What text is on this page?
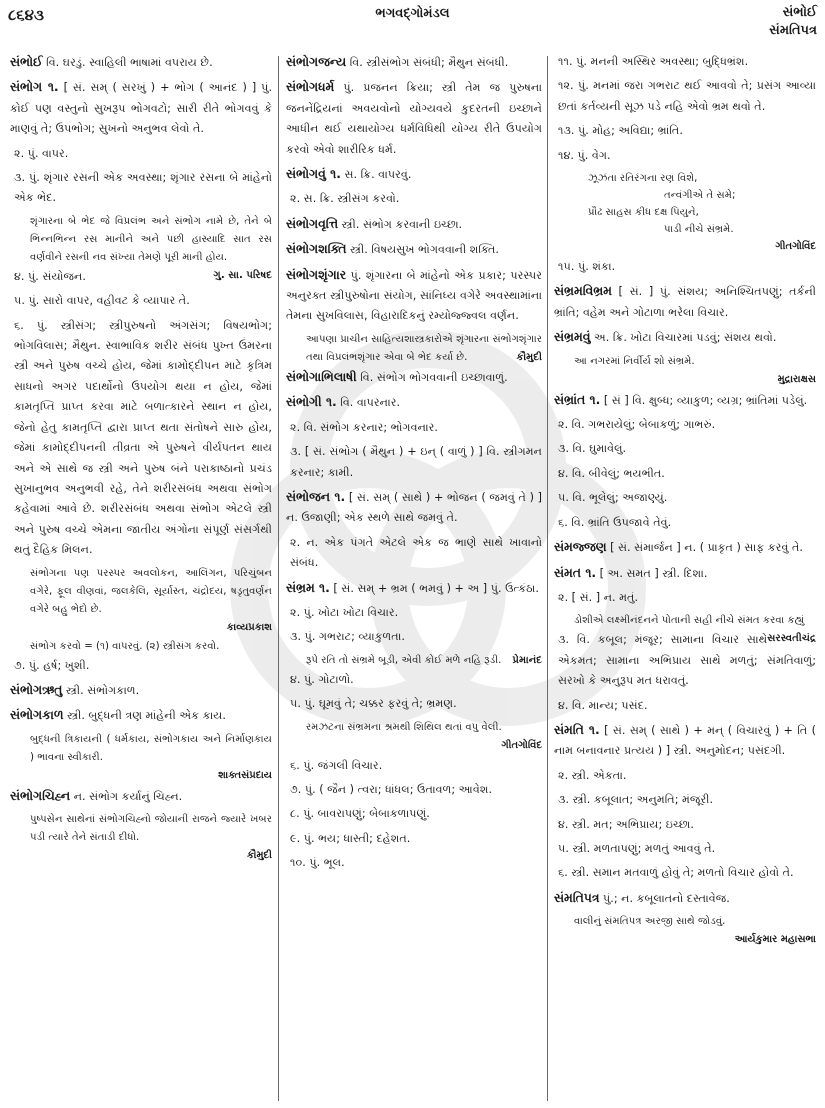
૮૬૪૩	ભગવદ્ગોમંડલ	સંભોઈ
સંમતિપત્ર
સંભોઈ વિ. ઘરડું. સ્વાહિલી ભાષામાં વપરાય છે.
સંભોગ ૧. [ સં. સમ્ ( સરખું ) + ભોગ ( આનંદ ) ] પું. કોઈ પણ વસ્તુનો સુખરૂપ ભોગવટો; સારી રીતે ભોગવવું કે માણવું તે; ઉપભોગ; સુખનો અનુભવ લેવો તે.
૨. પું. વાપર.
૩. પું. શૃંગાર રસની એક અવસ્થા; શૃંગાર રસના બે માંહેનો એક ભેદ.
શૃંગારના બે ભેદ જે વિપ્રલંભ અને સંભોગ નામે છે, તેને બે ભિન્નભિન્ન રસ માનીને અને પછી હાસ્યાદિ સાત રસ વર્ણવીને રસની નવ સંખ્યા તેમણે પૂરી માની હોય.
ગુ. સા. પરિષદ
૪. પું. સંયોજન.
૫. પું. સારો વાપર, વહીવટ કે વ્યાપાર તે.
૬. પું. સ્ત્રીસંગ; સ્ત્રીપુરુષનો અંગસંગ; વિષયભોગ; ભોગવિલાસ; મૈથુન. સ્વાભાવિક શરીર સંબંધ પુખ્ત ઉંમરના સ્ત્રી અને પુરુષ વચ્ચે હોય, જેમાં કામોદ્દીપન માટે કૃત્રિમ સાધનો અગર પદાર્થોનો ઉપયોગ થયા ન હોય, જેમાં કામતૃપ્તિ પ્રાપ્ત કરવા માટે બળાત્કારને સ્થાન ન હોય, જેનો હેતુ કામતૃપ્તિ દ્વારા પ્રાપ્ત થતા સંતોષને સારુ હોય, જેમાં કામોદ્દીપનની તીવ્રતા એ પુરુષને વીર્યપતન થાય અને એ સાથે જ સ્ત્રી અને પુરુષ બંને પરાકાષ્ઠાનો પ્રચંડ સુખાનુભવ અનુભવી રહે, તેને શરીરસંબંધ અથવા સંભોગ કહેવામાં આવે છે. શરીરસંબંધ અથવા સંભોગ એટલે સ્ત્રી અને પુરુષ વચ્ચે એમના જાતીય અંગોના સંપૂર્ણ સંસર્ગથી થતું દૈહિક મિલન.
સંભોગના પણ પરસ્પર અવલોકન, આલિંગન, પરિચુંબન વગેરે, ફૂલ વીણવાં, જલકેલિ, સૂર્યાસ્ત, ચંદ્રોદય, ષડૃતુવર્ણન વગેરે બહુ ભેદો છે.
કાવ્યપ્રકાશ
સંભોગ કરવો = (૧) વાપરવું. (૨) સ્ત્રીસંગ કરવો.
૭. પું. હર્ષ; ખુશી.
સંભોગઋતુ સ્ત્રી. સંભોગકાળ.
સંભોગકાળ સ્ત્રી. બુદ્ધની ત્રણ માંહેની એક કાય.
બુદ્ધની ત્રિકાયની ( ધર્મકાય, સંભોગકાય અને નિર્માણકાય ) ભાવના સ્વીકારી.
શાક્તસંપ્રદાય
સંભોગચિહ્ન ન. સંભોગ કર્યાનું ચિહ્ન.
પુષ્પસેન સાથેનાં સંભોગચિહ્નો જોયાની રાજને જ્યારે ખબર પડી ત્યારે તેને સંતાડી દીધો.
કૌમુદી
સંભોગજન્ય વિ. સ્ત્રીસંભોગ સંબંધી; મૈથુન સંબંધી.
સંભોગધર્મ પું. પ્રજનન ક્રિયા; સ્ત્રી તેમ જ પુરુષના જનનેંદ્રિયનાં અવયવોનો યોગ્યવયે કુદરતની ઇચ્છાને આધીન થઈ યથાયોગ્ય ધર્મવિધિથી યોગ્ય રીતે ઉપયોગ કરવો એવો શારીરિક ધર્મ.
સંભોગવું ૧. સ. ક્રિ. વાપરવું.
૨. સ. ક્રિ. સ્ત્રીસંગ કરવો.
સંભોગવૃત્તિ સ્ત્રી. સંભોગ કરવાની ઇચ્છા.
સંભોગશક્તિ સ્ત્રી. વિષયસુખ ભોગવવાની શક્તિ.
સંભોગશૃંગાર પું. શૃંગારના બે માંહેનો એક પ્રકાર; પરસ્પર અનુરક્ત સ્ત્રીપુરુષોના સંયોગ, સાંનિધ્ય વગેરે અવસ્થામાંના તેમના સુખવિલાસ, વિહારાદિકનું રમ્યોજ્જ્વલ વર્ણન.
આપણા પ્રાચીન સાહિત્યશાસ્ત્રકારોએ શૃંગારના સંભોગશૃંગાર તથા વિપ્રલંભશૃંગાર એવા બે ભેદ કર્યા છે.	કૌમુદી
સંભોગાભિલાષી વિ. સંભોગ ભોગવવાની ઇચ્છાવાળું.
સંભોગી ૧. વિ. વાપરનાર.
૨. વિ. સંભોગ કરનાર; ભોગવનાર.
૩. [ સં. સંભોગ ( મૈથુન ) + ઇન્ ( વાળું ) ] વિ. સ્ત્રીગમન કરનાર; કામી.
સંભોજન ૧. [ સં. સમ્ ( સાથે ) + ભોજન ( જમવું તે ) ] ન. ઉજાણી; એક સ્થળે સાથે જમવું તે.
૨. ન. એક પંગતે એટલે એક જ ભાણે સાથે ખાવાનો સંબંધ.
સંભ્રમ ૧. [ સં. સમ્ + ભ્રમ ( ભમવું ) + અ ] પું. ઉત્કંઠા.
૨. પું. ખોટા ખોટા વિચાર.
૩. પું. ગભરાટ; વ્યાકુળતા.
રૂપે રતિ તો સંભ્રમે બૂડી, એવી કોઈ મળે નહિ રૂડી. પ્રેમાનંદ
૪. પું. ગોટાળો.
૫. પું. ઘૂમવું તે; ચક્કર ફરવું તે; ભ્રમણ.
રમઝટના સંભ્રમના શ્રમથી શિથિલ થતાં વપુ વેલી.
ગીતગોવિંદ
૬. પું. જંગલી વિચાર.
૭. પું. ( જૈન ) ત્વરા; ધાંધલ; ઉતાવળ; આવેશ.
૮. પું. બાવરાપણું; બેબાકળાપણું.
૯. પું. ભય; ધાસ્તી; દહેશત.
૧૦. પું. ભૂલ.
૧૧. પું. મનની અસ્થિર અવસ્થા; બુદ્ધિભ્રંશ.
૧૨. પું. મનમાં જરા ગભરાટ થઈ આવવો તે; પ્રસંગ આવ્યા છતાં કર્તવ્યની સૂઝ પડે નહિ એવો ભ્રમ થવો તે.
૧૩. પું. મોહ; અવિદ્યા; ભ્રાંતિ.
૧૪. પું. વેગ.
ઝૂઝંતા રતિરંગના રણ વિશે,
તન્વંગીએ તે સમે;
પ્રૌઢ સાહસ કીધ દક્ષ પિયુને,
પાડી નીચે સંભ્રમે.
ગીતગોવિંદ
૧૫. પું. શંકા.
સંભ્રમવિભ્રમ [ સં. ] પું. સંશય; અનિશ્ચિતપણું; તર્કની ભ્રાંતિ; વહેમ અને ગોટાળા ભરેલા વિચાર.
સંભ્રમવું અ. ક્રિ. ખોટા વિચારમાં પડવું; સંશય થવો.
આ નગરમાં નિર્વીર્ય શો સંભ્રમે.
મુદ્રારાક્ષસ
સંભ્રાંત ૧. [ સં ] વિ. ક્ષુબ્ધ; વ્યાકુળ; વ્યગ્ર; ભ્રાંતિમાં પડેલું.
૨. વિ. ગભરાયેલું; બેબાકળું; ગાભરું.
૩. વિ. ઘુમાવેલું.
૪. વિ. બીવેલું; ભયભીત.
૫. વિ. ભૂલેલું; અજાણ્યું.
૬. વિ. ભ્રાંતિ ઉપજાવે તેવું.
સંમજ્જણ [ સં. સંમાર્જન ] ન. ( પ્રાકૃત ) સાફ કરવું તે.
સંમત ૧. [ અ. સમત ] સ્ત્રી. દિશા.
૨. [ સં. ] ન. મતું.
ડોશીએ લક્ષ્મીનંદનને પોતાની સહી નીચે સંમત કરવા કહ્યું
સરસ્વતીચંદ્ર
૩. વિ. કબૂલ; મંજૂર; સામાના વિચાર સાથે એકમત; સામાના અભિપ્રાય સાથે મળતું; સંમતિવાળું; સરખો કે અનુરૂપ મત ધરાવતું.
૪. વિ. માન્ય; પસંદ.
સંમતિ ૧. [ સં. સમ્ ( સાથે ) + મન્ ( વિચારવું ) + તિ ( નામ બનાવનાર પ્રત્યય ) ] સ્ત્રી. અનુમોદન; પસંદગી.
૨. સ્ત્રી. એકતા.
૩. સ્ત્રી. કબૂલાત; અનુમતિ; મંજૂરી.
૪. સ્ત્રી. મત; અભિપ્રાય; ઇચ્છા.
૫. સ્ત્રી. મળતાપણું; મળતું આવવું તે.
૬. સ્ત્રી. સમાન મતવાળું હોવું તે; મળતો વિચાર હોવો તે.
સંમતિપત્ર પું.; ન. કબૂલાતનો દસ્તાવેજ.
વાલીનું સંમતિપત્ર અરજી સાથે જોડવું.
આર્યકુમાર મહાસભા
